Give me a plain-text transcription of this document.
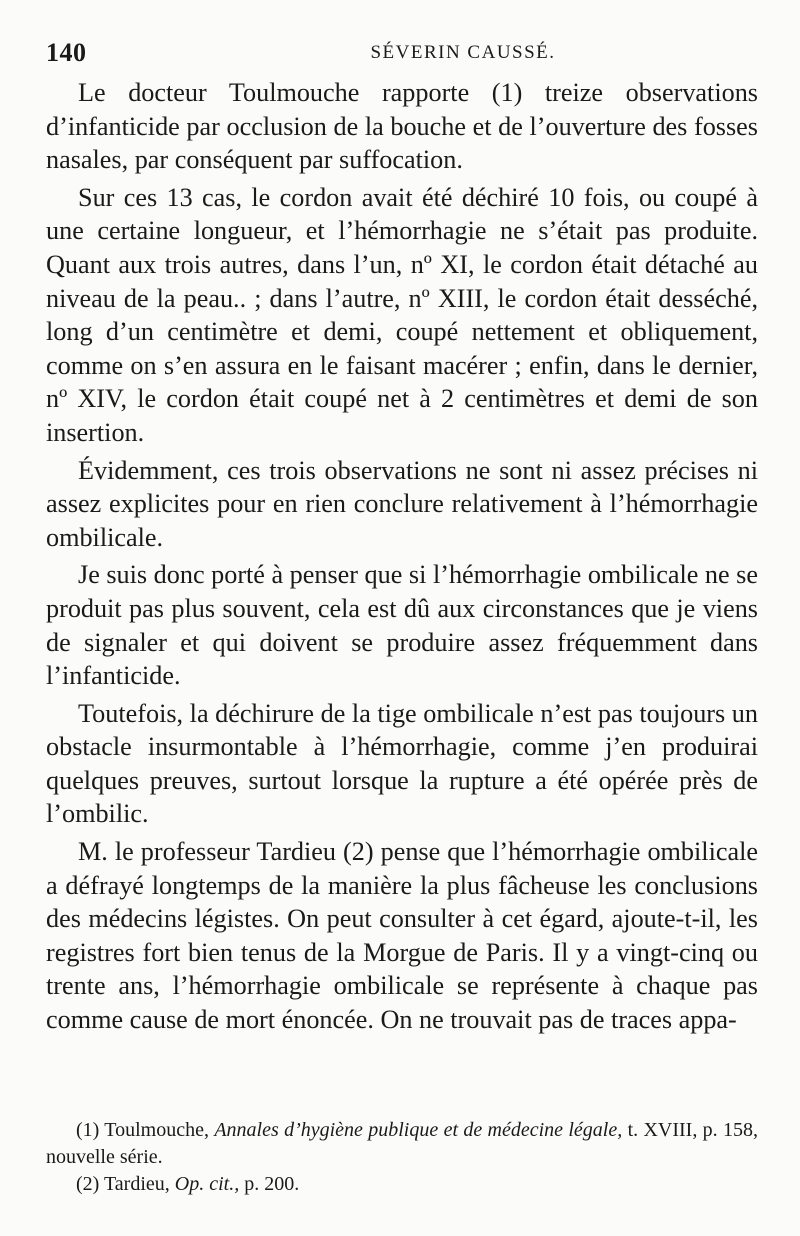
140	SÉVERIN CAUSSÉ.

Le docteur Toulmouche rapporte (1) treize observations d’infanticide par occlusion de la bouche et de l’ouverture des fosses nasales, par conséquent par suffocation.

Sur ces 13 cas, le cordon avait été déchiré 10 fois, ou coupé à une certaine longueur, et l’hémorrhagie ne s’était pas produite. Quant aux trois autres, dans l’un, nº XI, le cordon était détaché au niveau de la peau.. ; dans l’autre, nº XIII, le cordon était desséché, long d’un centimètre et demi, coupé nettement et obliquement, comme on s’en assura en le faisant macérer ; enfin, dans le dernier, nº XIV, le cordon était coupé net à 2 centimètres et demi de son insertion.

Évidemment, ces trois observations ne sont ni assez précises ni assez explicites pour en rien conclure relativement à l’hémorrhagie ombilicale.

Je suis donc porté à penser que si l’hémorrhagie ombilicale ne se produit pas plus souvent, cela est dû aux circonstances que je viens de signaler et qui doivent se produire assez fréquemment dans l’infanticide.

Toutefois, la déchirure de la tige ombilicale n’est pas toujours un obstacle insurmontable à l’hémorrhagie, comme j’en produirai quelques preuves, surtout lorsque la rupture a été opérée près de l’ombilic.

M. le professeur Tardieu (2) pense que l’hémorrhagie ombilicale a défrayé longtemps de la manière la plus fâcheuse les conclusions des médecins légistes. On peut consulter à cet égard, ajoute-t-il, les registres fort bien tenus de la Morgue de Paris. Il y a vingt-cinq ou trente ans, l’hémorrhagie ombilicale se représente à chaque pas comme cause de mort énoncée. On ne trouvait pas de traces appa-

(1) Toulmouche, Annales d’hygiène publique et de médecine légale, t. XVIII, p. 158, nouvelle série.

(2) Tardieu, Op. cit., p. 200.
